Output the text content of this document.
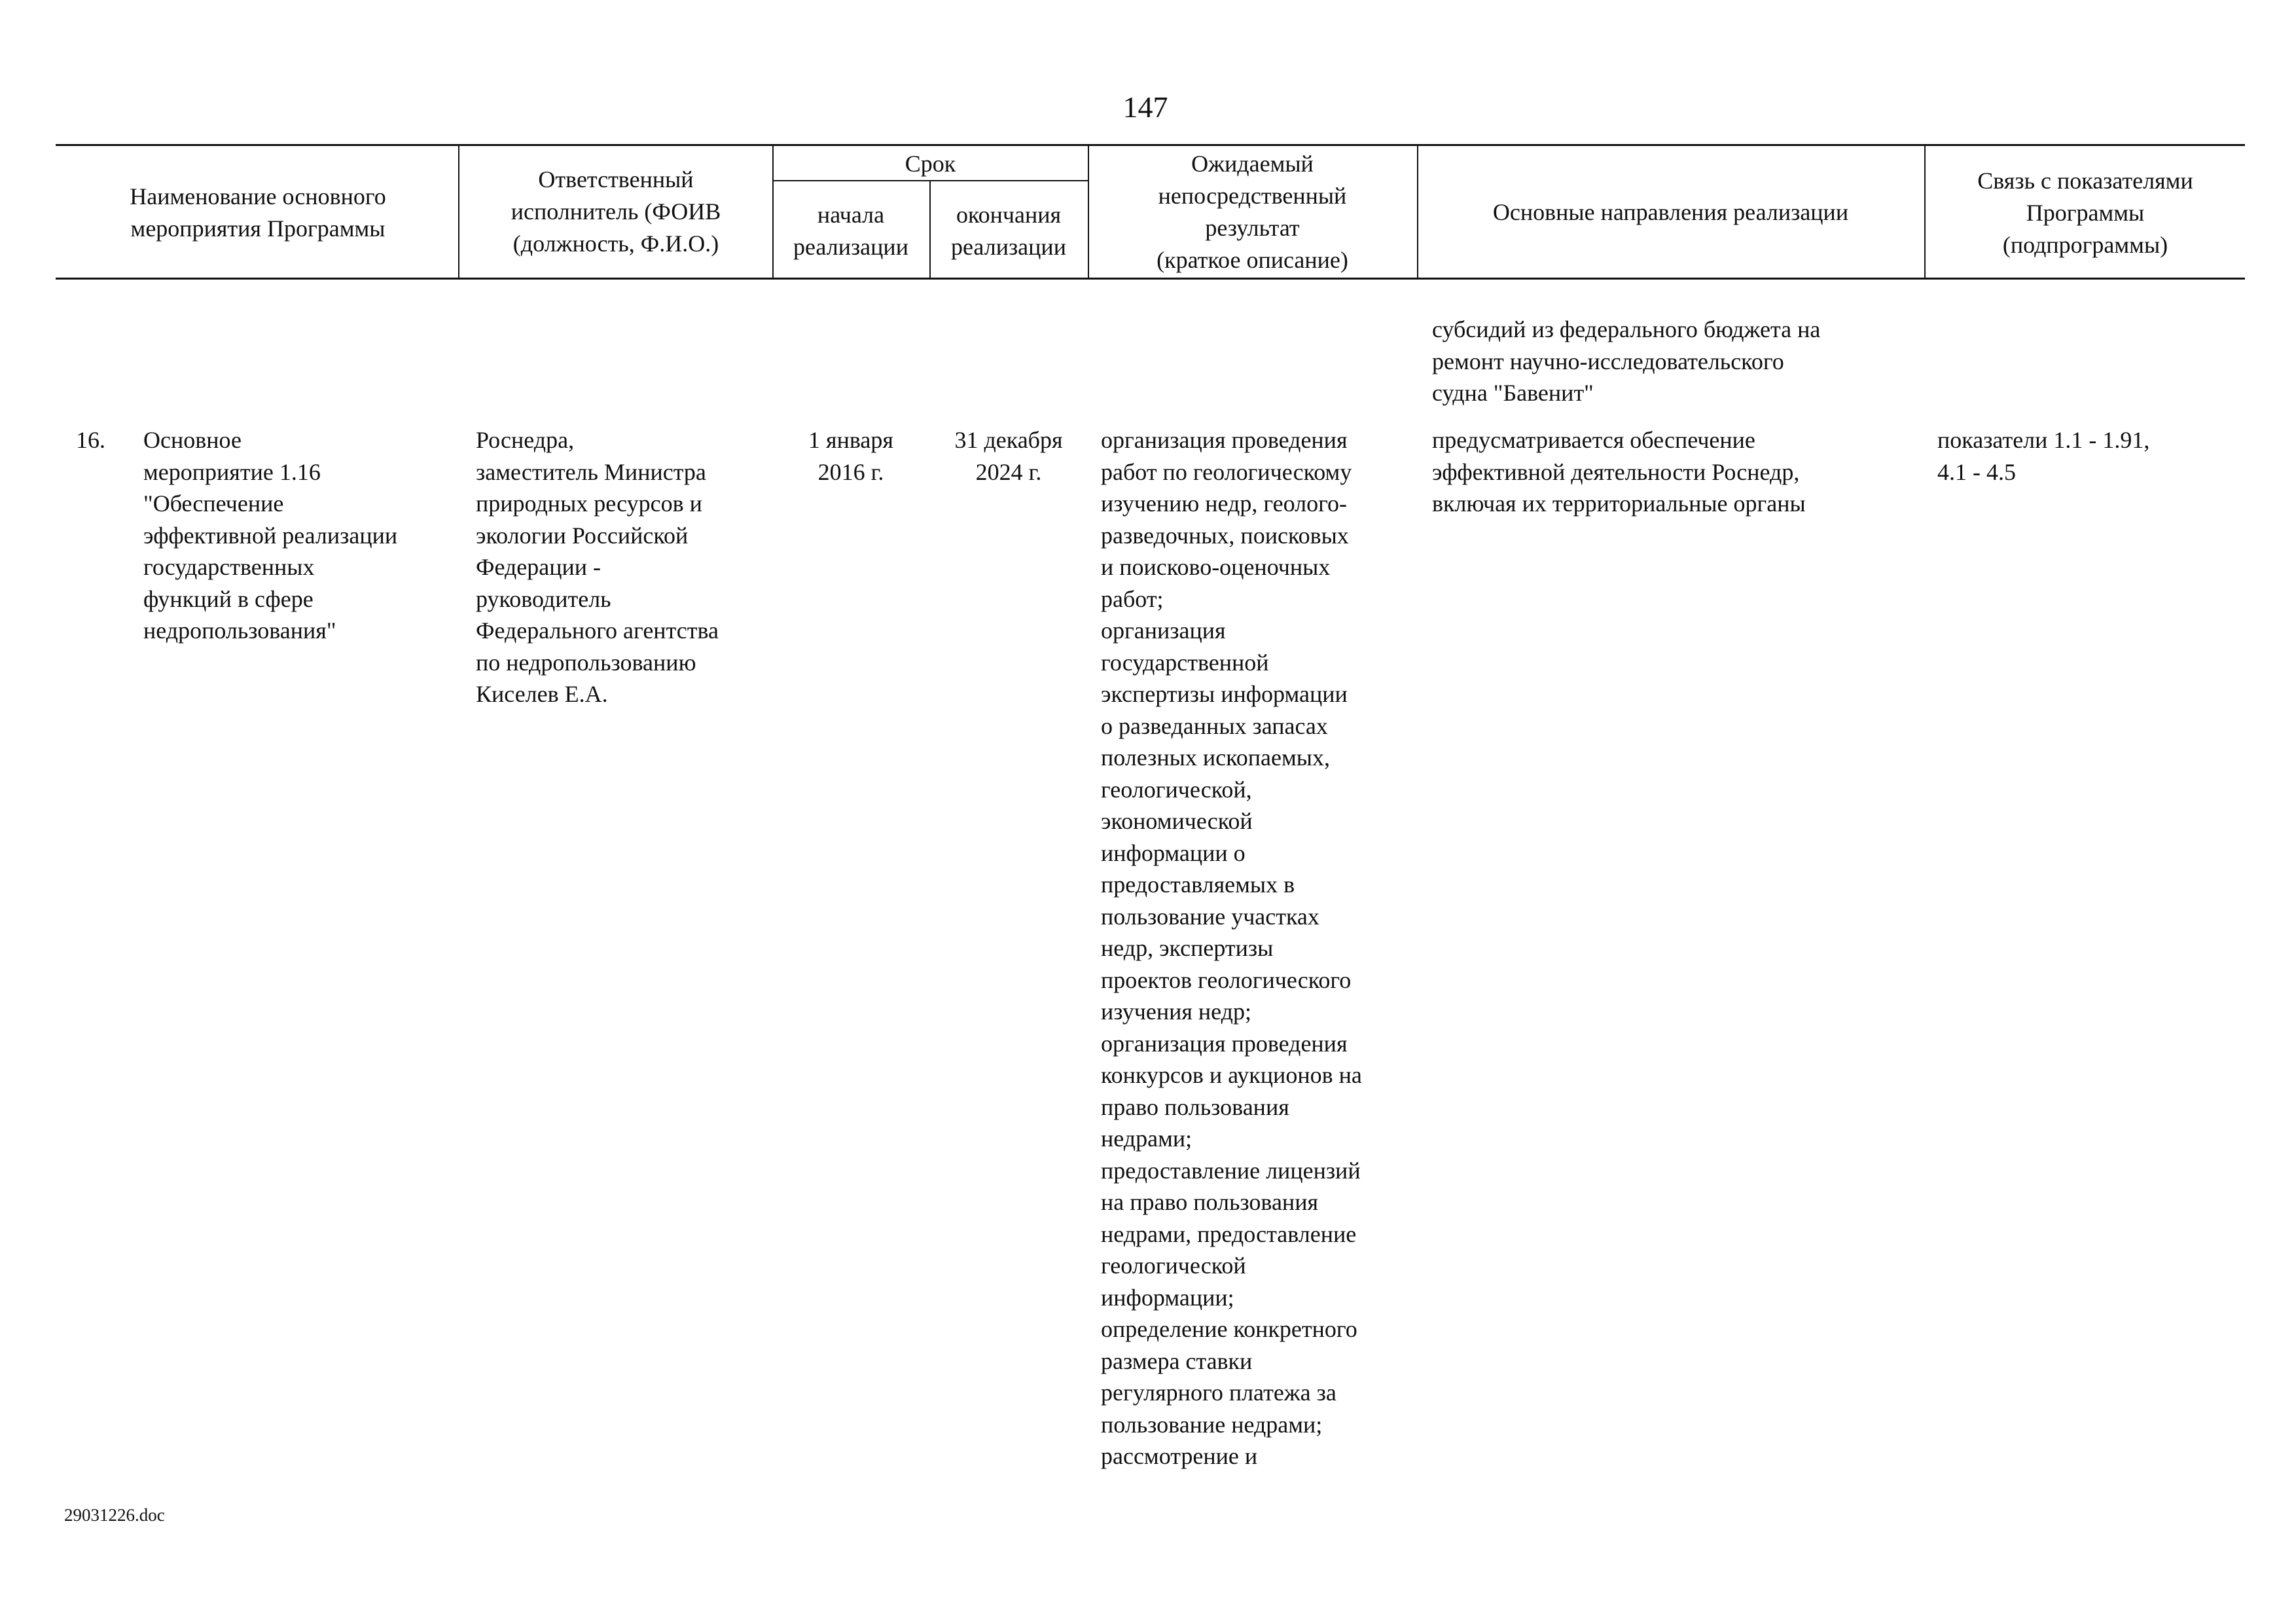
147
Наименование основного
мероприятия Программы
Ответственный
исполнитель (ФОИВ
(должность, Ф.И.О.)
Срок
начала
реализации
окончания
реализации
Ожидаемый
непосредственный
результат
(краткое описание)
Основные направления реализации
Связь с показателями
Программы
(подпрограммы)
субсидий из федерального бюджета на
ремонт научно-исследовательского
судна "Бавенит"
16.	Основное
мероприятие 1.16
"Обеспечение
эффективной реализации
государственных
функций в сфере
недропользования"
Роснедра,
заместитель Министра
природных ресурсов и
экологии Российской
Федерации -
руководитель
Федерального агентства
по недропользованию
Киселев Е.А.
1 января
2016 г.
31 декабря
2024 г.
организация проведения
работ по геологическому
изучению недр, геолого-
разведочных, поисковых
и поисково-оценочных
работ;
организация
государственной
экспертизы информации
о разведанных запасах
полезных ископаемых,
геологической,
экономической
информации о
предоставляемых в
пользование участках
недр, экспертизы
проектов геологического
изучения недр;
организация проведения
конкурсов и аукционов на
право пользования
недрами;
предоставление лицензий
на право пользования
недрами, предоставление
геологической
информации;
определение конкретного
размера ставки
регулярного платежа за
пользование недрами;
рассмотрение и
предусматривается обеспечение
эффективной деятельности Роснедр,
включая их территориальные органы
показатели 1.1 - 1.91,
4.1 - 4.5
29031226.doc
